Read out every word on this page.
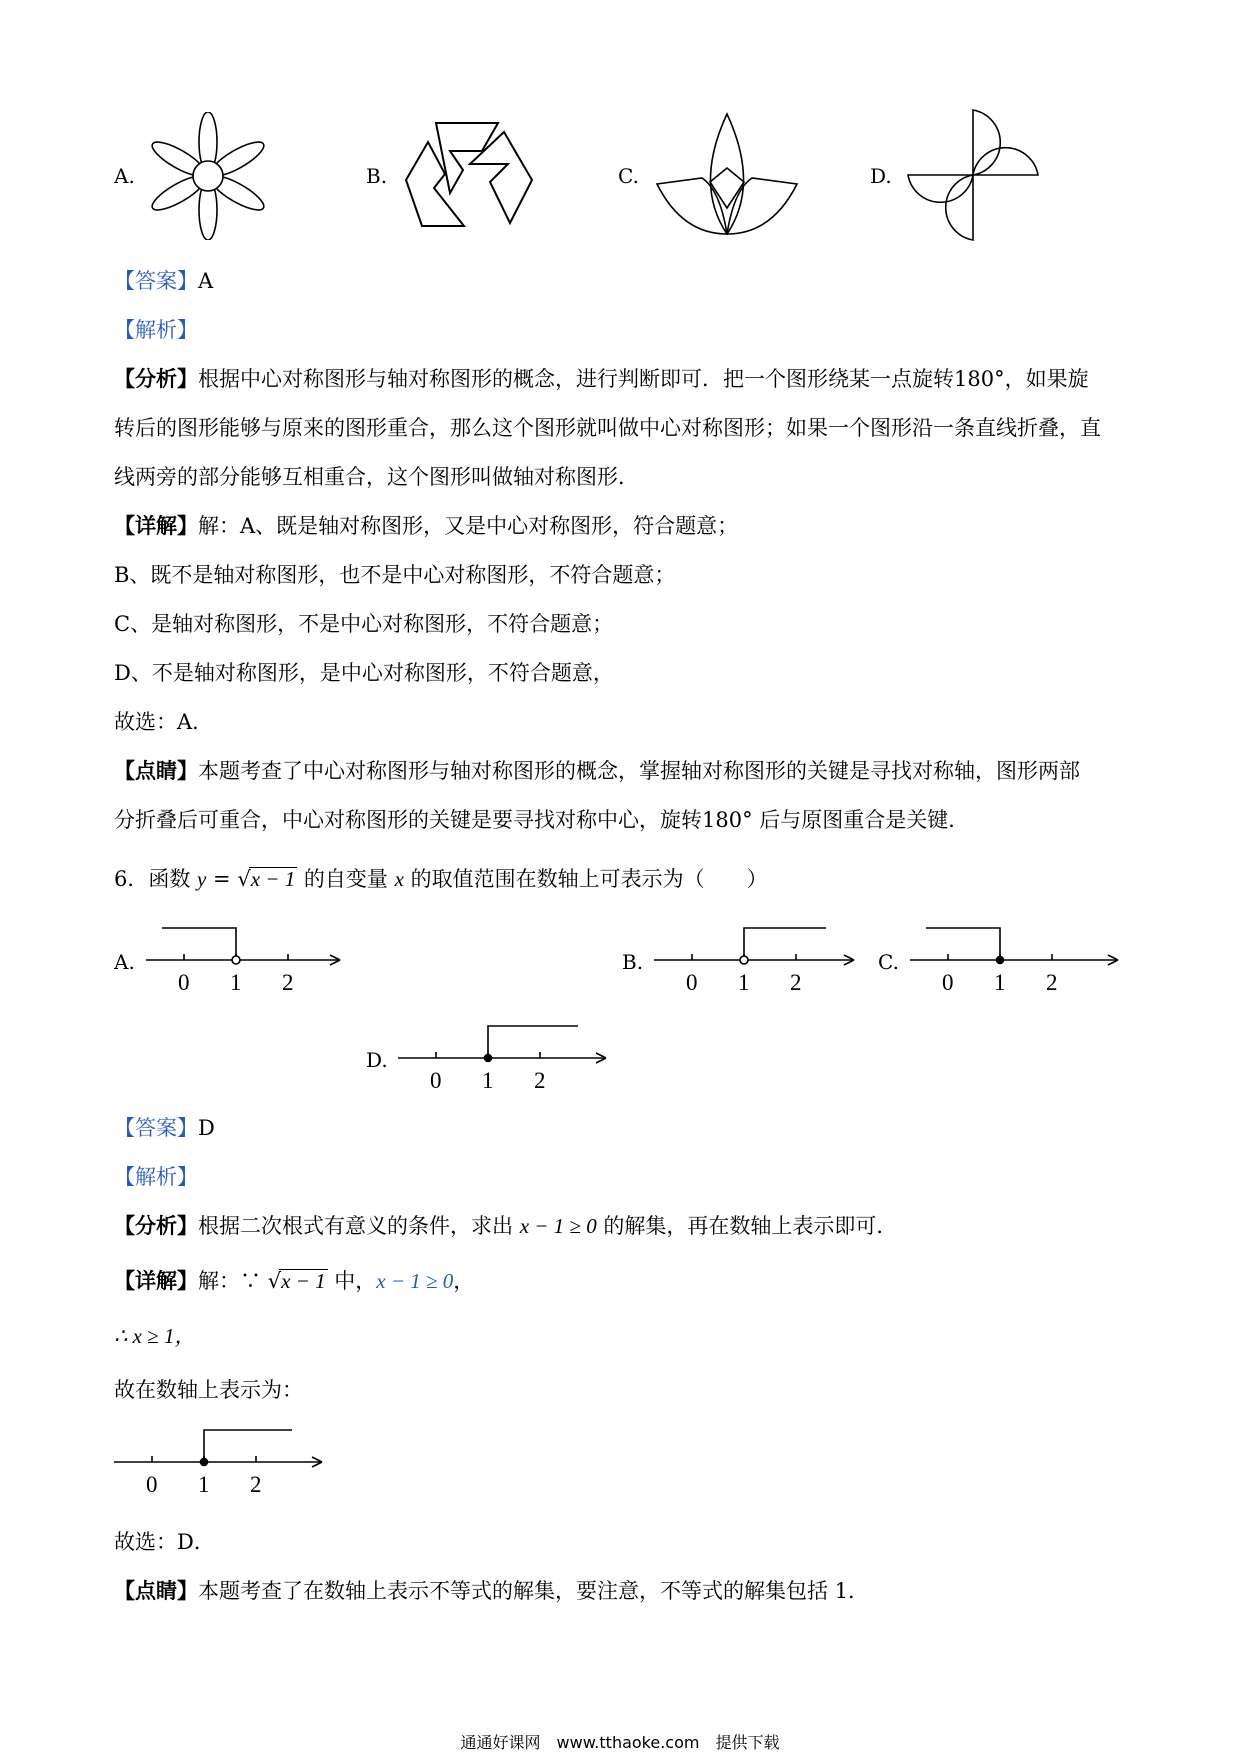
A.	B.	C.	D.
【答案】A
【解析】
【分析】根据中心对称图形与轴对称图形的概念，进行判断即可．把一个图形绕某一点旋转180°，如果旋
转后的图形能够与原来的图形重合，那么这个图形就叫做中心对称图形；如果一个图形沿一条直线折叠，直
线两旁的部分能够互相重合，这个图形叫做轴对称图形．
【详解】解：A、既是轴对称图形，又是中心对称图形，符合题意；
B、既不是轴对称图形，也不是中心对称图形，不符合题意；
C、是轴对称图形，不是中心对称图形，不符合题意；
D、不是轴对称图形，是中心对称图形，不符合题意，
故选：A．
【点睛】本题考查了中心对称图形与轴对称图形的概念，掌握轴对称图形的关键是寻找对称轴，图形两部
分折叠后可重合，中心对称图形的关键是要寻找对称中心，旋转180° 后与原图重合是关键．
6．函数 y = √x − 1 的自变量 x 的取值范围在数轴上可表示为（　　）
A.
0 1 2
B.
0 1 2
C.
0 1 2
D.
0 1 2
【答案】D
【解析】
【分析】根据二次根式有意义的条件，求出 x − 1 ≥ 0 的解集，再在数轴上表示即可．
【详解】解：∵ √x − 1 中，x − 1 ≥ 0，
∴ x ≥ 1，
故在数轴上表示为：
0 1 2
故选：D．
【点睛】本题考查了在数轴上表示不等式的解集，要注意，不等式的解集包括 1．
通通好课网　www.tthaoke.com　提供下载
